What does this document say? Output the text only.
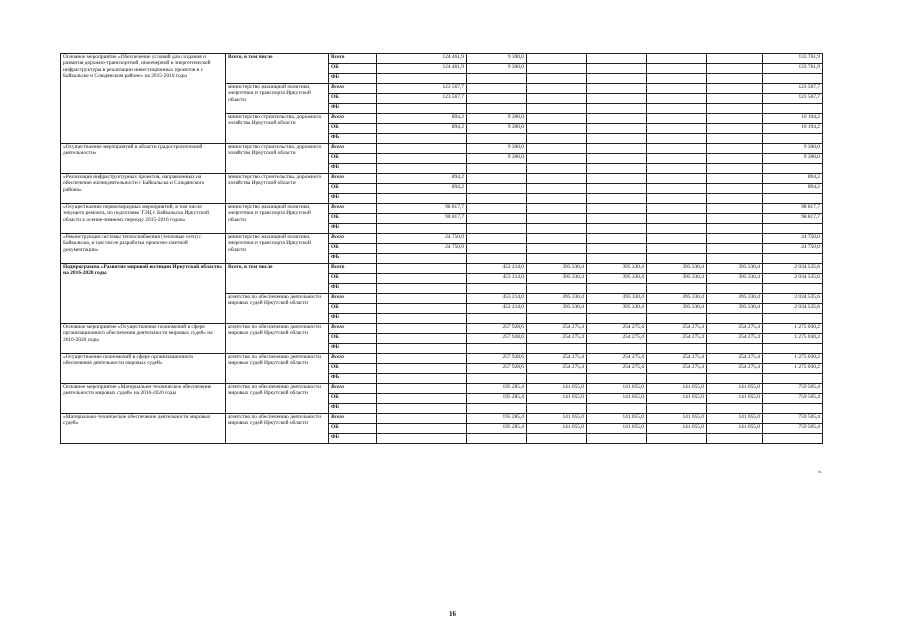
Основное мероприятие «Обеспечение условий для создания и развития дорожно-транспортной, инженерной и энергетической инфраструктуры в реализации инвестиционных проектов в г. Байкальске и Слюдянском районе» на 2015-2016 годы	Всего, в том числе	Всего	124 461,9	9 300,0					133 761,9
		ОБ	124 461,9	9 300,0					133 761,9
		ФБ							
	министерство жилищной политики, энергетики и транспорта Иркутской области	Всего	123 567,7						123 567,7
		ОБ	123 567,7						123 567,7
		ФБ							
	министерство строительства, дорожного хозяйства Иркутской области	Всего	894,2	9 300,0					10 194,2
		ОБ	894,2	9 300,0					10 194,2
		ФБ							
«Осуществление мероприятий в области градостроительной деятельности»	министерство строительства, дорожного хозяйства Иркутской области	Всего		9 300,0					9 300,0
		ОБ		9 300,0					9 300,0
		ФБ							
«Реализация инфраструктурных проектов, направленных на обеспечение жизнедеятельности г Байкальска и Слюдянского района»	министерство строительства, дорожного хозяйства Иркутской области	Всего	894,2						894,2
		ОБ	894,2						894,2
		ФБ							
«Осуществление первоочередных мероприятий, в том числе текущего ремонта, по подготовке ТЭЦ г. Байкальска Иркутской области к осенне-зимнему периоду 2015-2016 годов»	министерство жилищной политики, энергетики и транспорта Иркутской области	Всего	98 817,7						98 817,7
		ОБ	98 817,7						98 817,7
		ФБ							
«Реконструкция системы теплоснабжения (тепловые сети) г. Байкальска, в том числе разработка проектно-сметной документации»	министерство жилищной политики, энергетики и транспорта Иркутской области	Всего	24 750,0						24 750,0
		ОБ	24 750,0						24 750,0
		ФБ							
Подпрограмма «Развитие мировой юстиции Иркутской области» на 2016-2020 годы	Всего, в том числе	Всего		453 214,0	395 330,4	395 330,4	395 330,4	395 330,4	2 034 535,6
		ОБ		453 214,0	395 330,4	395 330,4	395 330,4	395 330,4	2 034 535,6
		ФБ							
	агентство по обеспечению деятельности мировых судей Иркутской области	Всего		453 214,0	395 330,4	395 330,4	395 330,4	395 330,4	2 034 535,6
		ОБ		453 214,0	395 330,4	395 330,4	395 330,4	395 330,4	2 034 535,6
		ФБ							
Основное мероприятие «Осуществление полномочий в сфере организационного обеспечения деятельности мировых судей» на 2016-2020 годы	агентство по обеспечению деятельности мировых судей Иркутской области	Всего		257 928,6	254 275,4	254 275,4	254 275,4	254 275,4	1 275 030,2
		ОБ		257 928,6	254 275,4	254 275,4	254 275,4	254 275,4	1 275 030,2
		ФБ							
«Осуществление полномочий в сфере организационного обеспечения деятельности мировых судей»	агентство по обеспечению деятельности мировых судей Иркутской области	Всего		257 928,6	254 275,4	254 275,4	254 275,4	254 275,4	1 275 030,2
		ОБ		257 928,6	254 275,4	254 275,4	254 275,4	254 275,4	1 275 030,2
		ФБ							
Основное мероприятие «Материально-техническое обеспечение деятельности мировых судей» на 2016-2020 годы	агентство по обеспечению деятельности мировых судей Иркутской области	Всего		195 285,4	141 055,0	141 055,0	141 055,0	141 055,0	759 505,4
		ОБ		195 285,4	141 055,0	141 055,0	141 055,0	141 055,0	759 505,4
		ФБ							
«Материально-техническое обеспечение деятельности мировых судей»	агентство по обеспечению деятельности мировых судей Иркутской области	Всего		195 285,4	141 055,0	141 055,0	141 055,0	141 055,0	759 505,4
		ОБ		195 285,4	141 055,0	141 055,0	141 055,0	141 055,0	759 505,4
		ФБ							
».
16
